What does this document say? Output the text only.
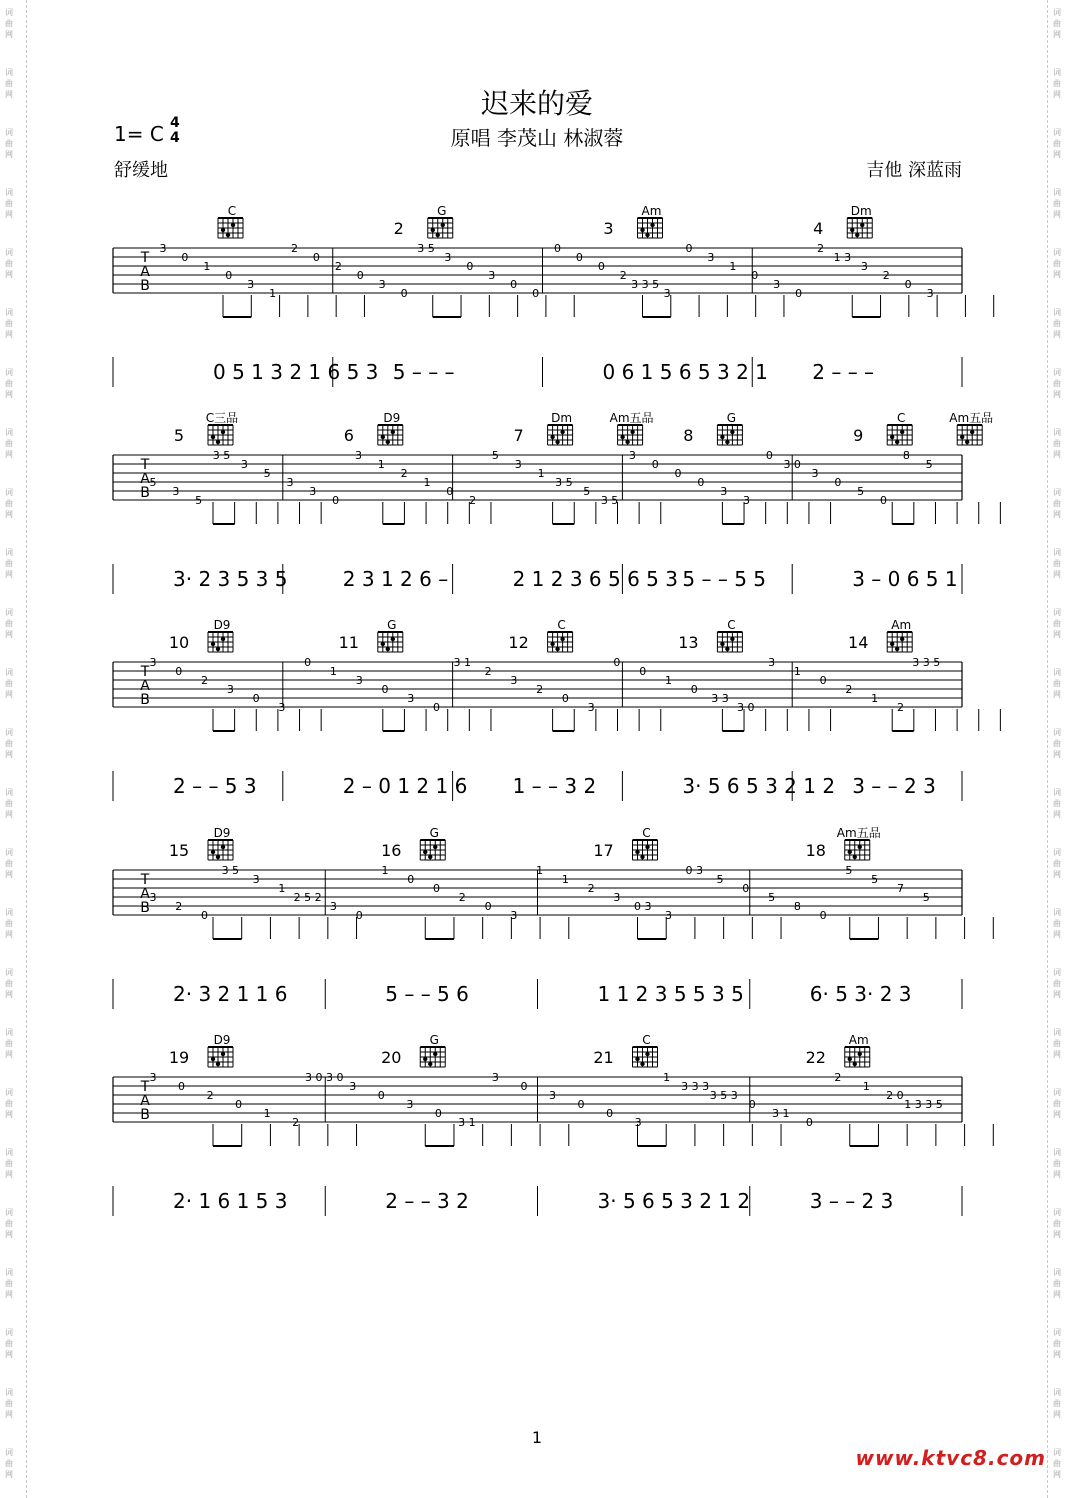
词
曲
网
词
曲
网
词
曲
网
词
曲
网
词
曲
网
词
曲
网
词
曲
网
词
曲
网
词
曲
网
词
曲
网
词
曲
网
词
曲
网
词
曲
网
词
曲
网
词
曲
网
词
曲
网
词
曲
网
词
曲
网
词
曲
网
词
曲
网
词
曲
网
词
曲
网
词
曲
网
词
曲
网
词
曲
网
词
曲
网
词
曲
网
词
曲
网
词
曲
网
词
曲
网
词
曲
网
词
曲
网
词
曲
网
词
曲
网
词
曲
网
词
曲
网
词
曲
网
词
曲
网
词
曲
网
词
曲
网
词
曲
网
词
曲
网
词
曲
网
词
曲
网
词
曲
网
词
曲
网
词
曲
网
词
曲
网
词
曲
网
词
曲
网
迟来的爱
1= C 4
4	原唱 李茂山 林淑蓉
舒缓地	吉他 深蓝雨
T
A
B
3
0
1
0
3
1
2
0
2
0
3
0
3 5
3
0
3
0
0
0
0
0
2
3 3 5
3
0
3
1
0
3
0
2
1 3
3
2
0
3
C
0 5 1 3 2 1 6 5 3
G
2
5 – – –
Am
3
0 6 1 5 6 5 3 2 1
Dm
4
2 – – –
T
A
B
5
3
5
3 5
3
5
3
3
0
3
1
2
1
0
2
5
3
1
3 5
5
3 5
3
0
0
0
3
3
0
3 0
3
0
5
0
8
5
C三品
5
3· 2 3 5 3 5
D9
6
2 3 1 2 6 –
Dm	Am五品
7
2 1 2 3 6 5 6 5 3
G
8
5 – – 5 5
C	Am五品
9
3 – 0 6 5 1
T
A
B
3
0
2
3
0
3
0
1
3
0
3
0
3 1
2
3
2
0
3
0
0
1
0
3 3
3 0
3
1
0
2
1
2
3 3 5
D9
10
2 – – 5 3
G
11
2 – 0 1 2 1 6
C
12
1 – – 3 2
C
13
3· 5 6 5 3 2 1 2
Am
14
3 – – 2 3
T
A
B
3
2
0
3 5
3
1
2 5 2
3
0
1
0
0
2
0
3
1
1
2
3
0 3
3
0 3
5
0
5
8
0
5
5
7
5
D9
15
2· 3 2 1 1 6
G
16
5 – – 5 6
C
17
1 1 2 3 5 5 3 5
Am五品
18
6· 5 3· 2 3
T
A
B
3
0
2
0
1
2
3 0 3 0
3
0
3
0
3 1
3
0
3
0
0
3
1
3 3 3
3 5 3
0
3 1
0
2
1
2 0
1 3 3 5
D9
19
2· 1 6 1 5 3
G
20
2 – – 3 2
C
21
3· 5 6 5 3 2 1 2
Am
22
3 – – 2 3
1
www.ktvc8.com
